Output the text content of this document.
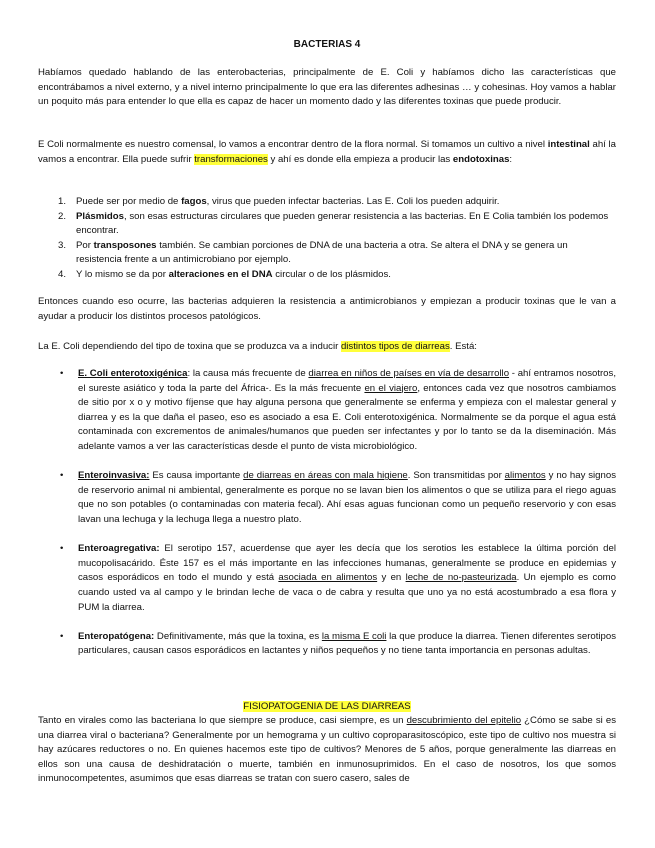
BACTERIAS 4

Habíamos quedado hablando de las enterobacterias, principalmente de E. Coli y habíamos dicho las características que encontrábamos a nivel externo, y a nivel interno principalmente lo que era las diferentes adhesinas … y cohesinas. Hoy vamos a hablar un poquito más para entender lo que ella es capaz de hacer un momento dado y las diferentes toxinas que puede producir.

E Coli normalmente es nuestro comensal, lo vamos a encontrar dentro de la flora normal. Si tomamos un cultivo a nivel intestinal ahí la vamos a encontrar. Ella puede sufrir transformaciones y ahí es donde ella empieza a producir las endotoxinas:

1. Puede ser por medio de fagos, virus que pueden infectar bacterias. Las E. Coli los pueden adquirir.
2. Plásmidos, son esas estructuras circulares que pueden generar resistencia a las bacterias. En E Colia también los podemos encontrar.
3. Por transposones también. Se cambian porciones de DNA de una bacteria a otra. Se altera el DNA y se genera un resistencia frente a un antimicrobiano por ejemplo.
4. Y lo mismo se da por alteraciones en el DNA circular o de los plásmidos.

Entonces cuando eso ocurre, las bacterias adquieren la resistencia a antimicrobianos y empiezan a producir toxinas que le van a ayudar a producir los distintos procesos patológicos.

La E. Coli dependiendo del tipo de toxina que se produzca va a inducir distintos tipos de diarreas. Está:

• E. Coli enterotoxigénica: la causa más frecuente de diarrea en niños de países en vía de desarrollo - ahí entramos nosotros, el sureste asiático y toda la parte del África-. Es la más frecuente en el viajero, entonces cada vez que nosotros cambiamos de sitio por x o y motivo fíjense que hay alguna persona que generalmente se enferma y empieza con el malestar general y diarrea y es la que daña el paseo, eso es asociado a esa E. Coli enterotoxigénica. Normalmente se da porque el agua está contaminada con excrementos de animales/humanos que pueden ser infectantes y por lo tanto se da la diseminación. Más adelante vamos a ver las características desde el punto de vista microbiológico.
• Enteroinvasiva: Es causa importante de diarreas en áreas con mala higiene. Son transmitidas por alimentos y no hay signos de reservorio animal ni ambiental, generalmente es porque no se lavan bien los alimentos o que se utiliza para el riego aguas que no son potables (o contaminadas con materia fecal). Ahí esas aguas funcionan como un pequeño reservorio y con esas lavan una lechuga y la lechuga llega a nuestro plato.
• Enteroagregativa: El serotipo 157, acuerdense que ayer les decía que los serotios les establece la última porción del mucopolisacárido. Éste 157 es el más importante en las infecciones humanas, generalmente se produce en epidemias y casos esporádicos en todo el mundo y está asociada en alimentos y en leche de no-pasteurizada. Un ejemplo es como cuando usted va al campo y le brindan leche de vaca o de cabra y resulta que uno ya no está acostumbrado a esa flora y PUM la diarrea.
• Enteropatógena: Definitivamente, más que la toxina, es la misma E coli la que produce la diarrea. Tienen diferentes serotipos particulares, causan casos esporádicos en lactantes y niños pequeños y no tiene tanta importancia en personas adultas.
FISIOPATOGENIA DE LAS DIARREAS

Tanto en virales como las bacteriana lo que siempre se produce, casi siempre, es un descubrimiento del epitelio ¿Cómo se sabe si es una diarrea viral o bacteriana? Generalmente por un hemograma y un cultivo coproparasitoscópico, este tipo de cultivo nos muestra si hay azúcares reductores o no. En quienes hacemos este tipo de cultivos? Menores de 5 años, porque generalmente las diarreas en ellos son una causa de deshidratación o muerte, también en inmunosuprimidos. En el caso de nosotros, los que somos inmunocompetentes, asumimos que esas diarreas se tratan con suero casero, sales de
